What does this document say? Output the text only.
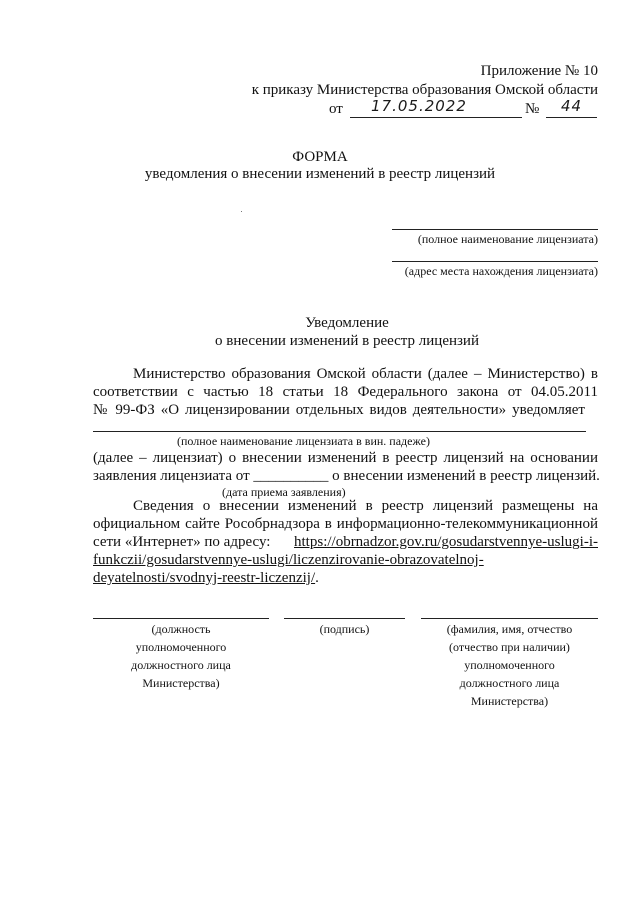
Приложение № 10
к приказу Министерства образования Омской области
от 17.05.2022	№ 44
ФОРМА
уведомления о внесении изменений в реестр лицензий
(полное наименование лицензиата)
(адрес места нахождения лицензиата)
Уведомление
о внесении изменений в реестр лицензий
Министерство образования Омской области (далее – Министерство) в
соответствии с частью 18 статьи 18 Федерального закона от 04.05.2011
№ 99-ФЗ «О лицензировании отдельных видов деятельности» уведомляет
(полное наименование лицензиата в вин. падеже)
(далее – лицензиат) о внесении изменений в реестр лицензий на основании
заявления лицензиата от __________ о внесении изменений в реестр лицензий.
(дата приема заявления)
Сведения о внесении изменений в реестр лицензий размещены на
официальном сайте Рособрнадзора в информационно-телекоммуникационной
сети «Интернет» по адресу: https://obrnadzor.gov.ru/gosudarstvennye-uslugi-i-
funkczii/gosudarstvennye-uslugi/liczenzirovanie-obrazovatelnoj-
deyatelnosti/svodnyj-reestr-liczenzij/.
(должность
уполномоченного
должностного лица
Министерства)
(подпись)	(фамилия, имя, отчество
(отчество при наличии)
уполномоченного
должностного лица
Министерства)
